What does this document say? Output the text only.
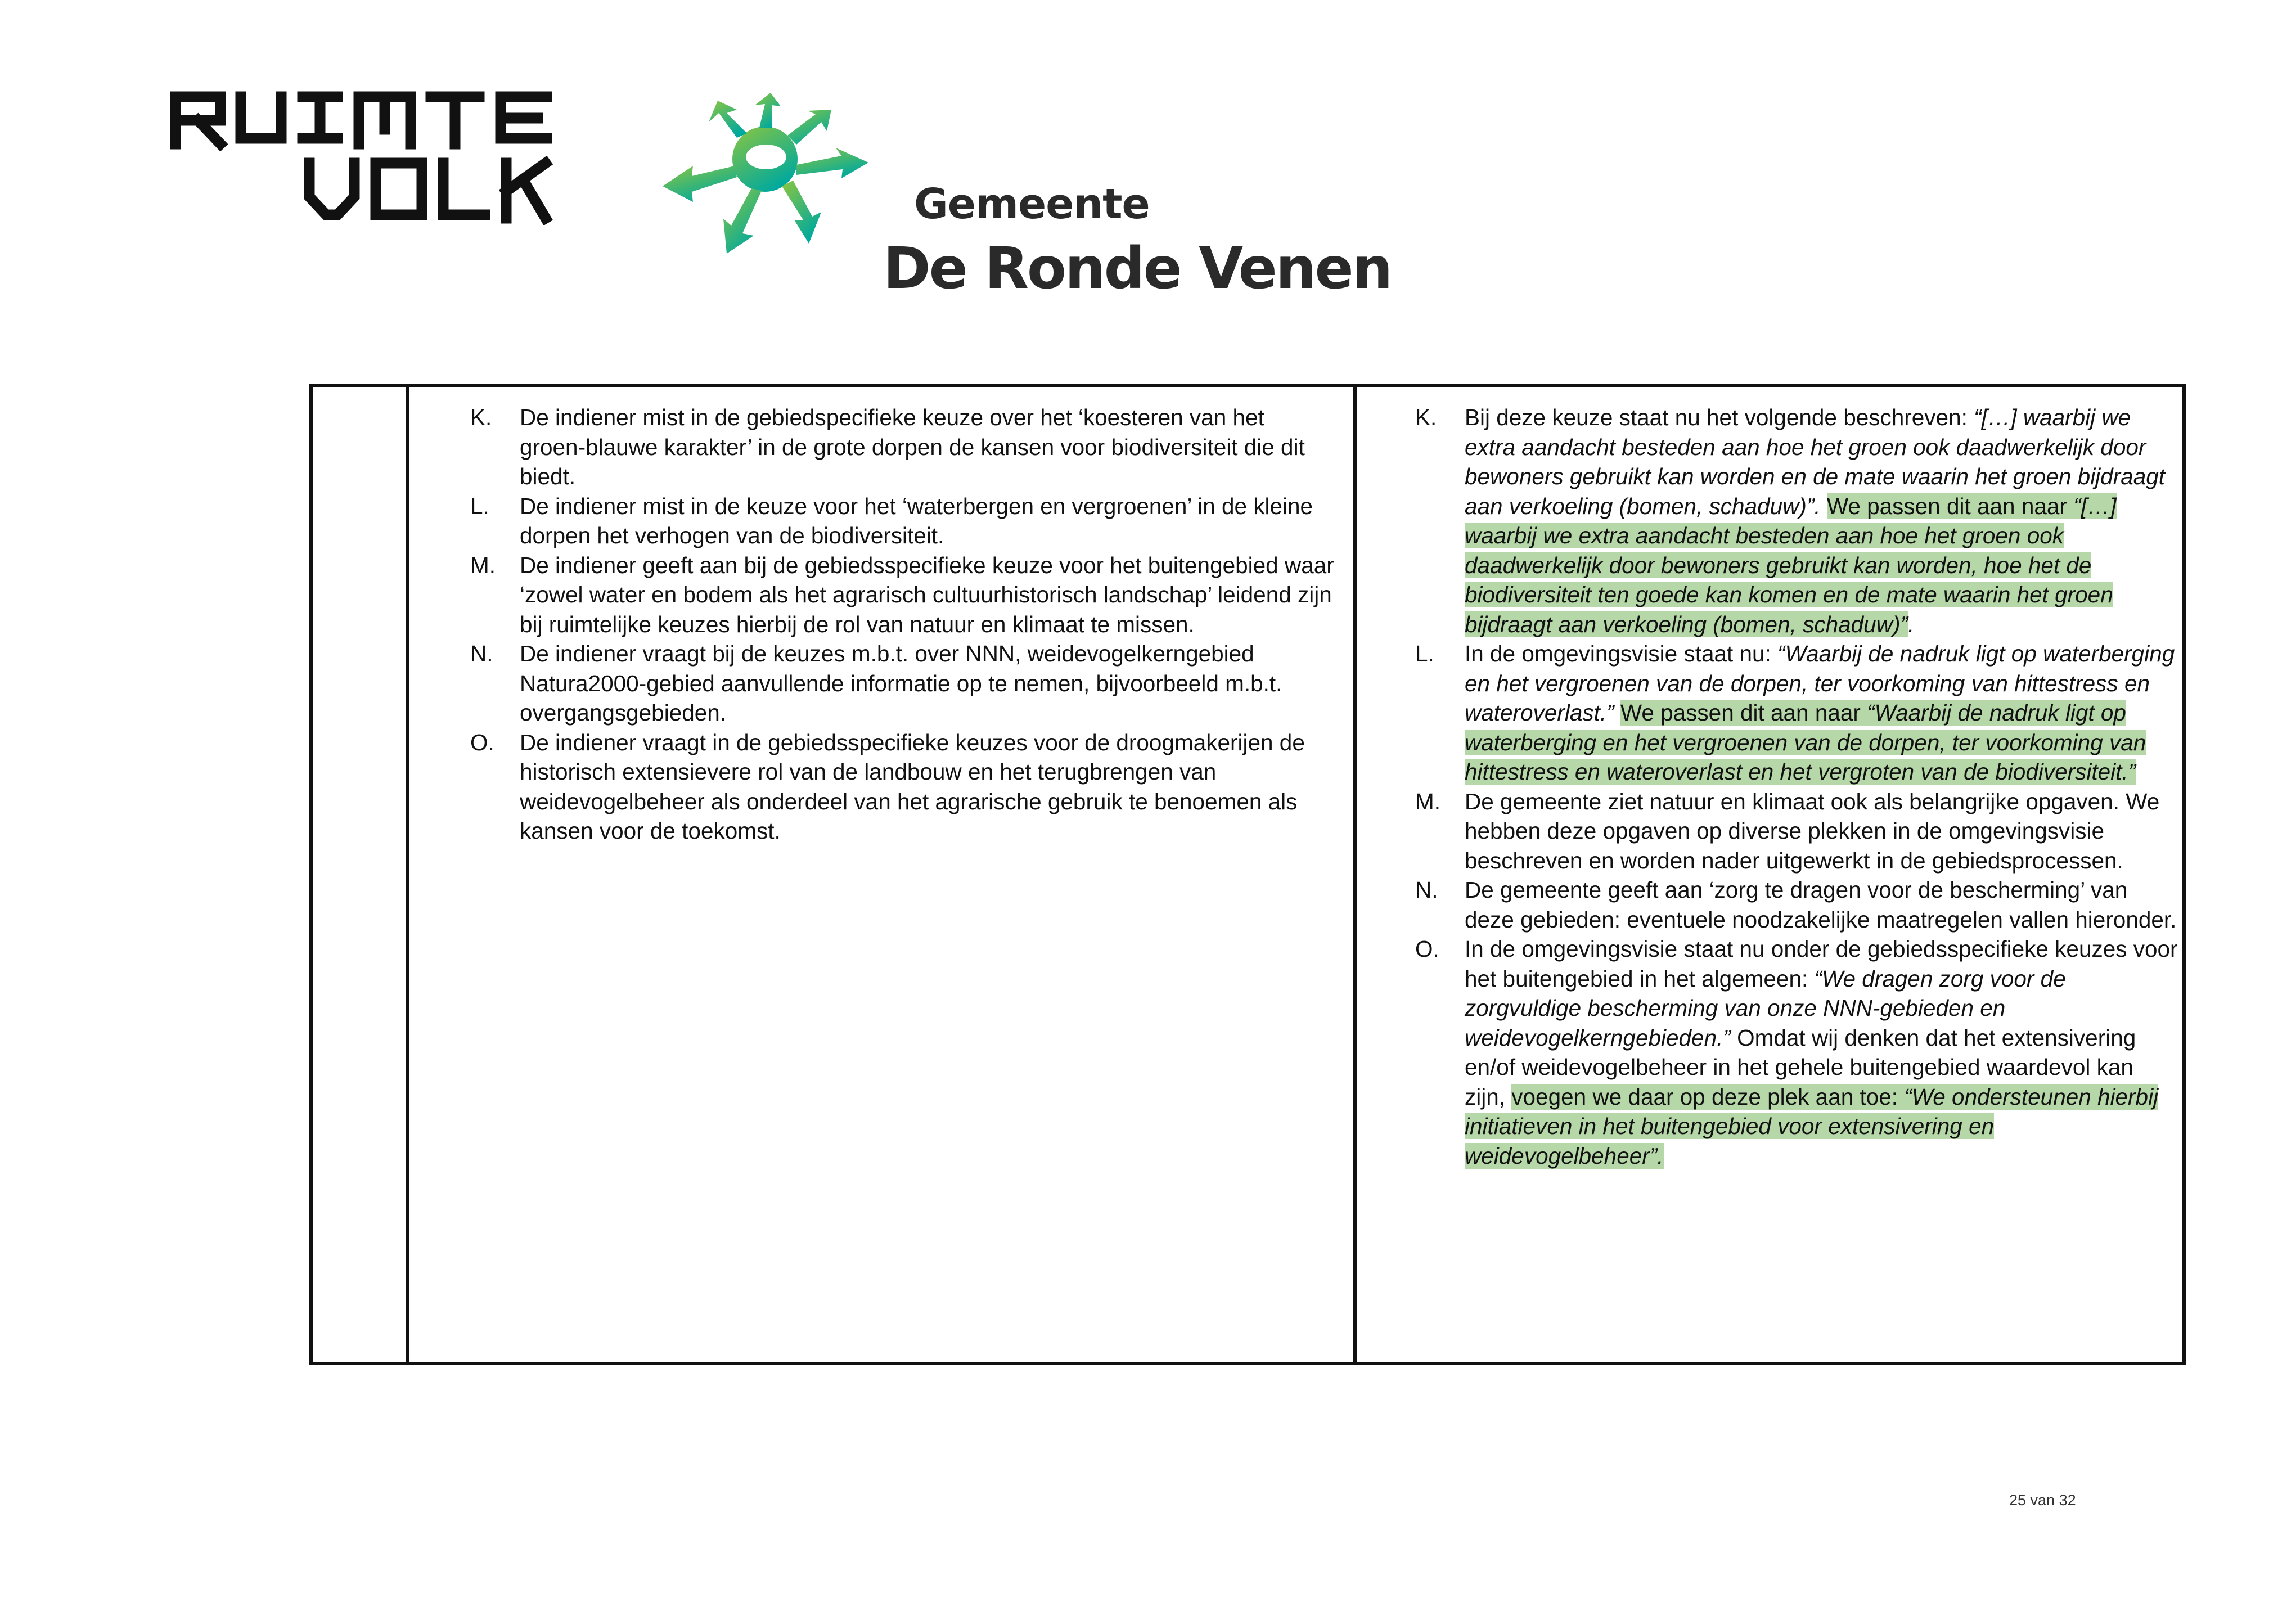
Gemeente
De Ronde Venen
K. De indiener mist in de gebiedspecifieke keuze over het ‘koesteren van het groen-blauwe karakter’ in de grote dorpen de kansen voor biodiversiteit die dit biedt.
L. De indiener mist in de keuze voor het ‘waterbergen en vergroenen’ in de kleine dorpen het verhogen van de biodiversiteit.
M. De indiener geeft aan bij de gebiedsspecifieke keuze voor het buitengebied waar ‘zowel water en bodem als het agrarisch cultuurhistorisch landschap’ leidend zijn bij ruimtelijke keuzes hierbij de rol van natuur en klimaat te missen.
N. De indiener vraagt bij de keuzes m.b.t. over NNN, weidevogelkerngebied Natura2000-gebied aanvullende informatie op te nemen, bijvoorbeeld m.b.t. overgangsgebieden.
O. De indiener vraagt in de gebiedsspecifieke keuzes voor de droogmakerijen de historisch extensievere rol van de landbouw en het terugbrengen van weidevogelbeheer als onderdeel van het agrarische gebruik te benoemen als kansen voor de toekomst.
K. Bij deze keuze staat nu het volgende beschreven: “[…] waarbij we extra aandacht besteden aan hoe het groen ook daadwerkelijk door bewoners gebruikt kan worden en de mate waarin het groen bijdraagt aan verkoeling (bomen, schaduw)”. We passen dit aan naar “[…] waarbij we extra aandacht besteden aan hoe het groen ook daadwerkelijk door bewoners gebruikt kan worden, hoe het de biodiversiteit ten goede kan komen en de mate waarin het groen bijdraagt aan verkoeling (bomen, schaduw)”.
L. In de omgevingsvisie staat nu: “Waarbij de nadruk ligt op waterberging en het vergroenen van de dorpen, ter voorkoming van hittestress en wateroverlast.” We passen dit aan naar “Waarbij de nadruk ligt op waterberging en het vergroenen van de dorpen, ter voorkoming van hittestress en wateroverlast en het vergroten van de biodiversiteit.”
M. De gemeente ziet natuur en klimaat ook als belangrijke opgaven. We hebben deze opgaven op diverse plekken in de omgevingsvisie beschreven en worden nader uitgewerkt in de gebiedsprocessen.
N. De gemeente geeft aan ‘zorg te dragen voor de bescherming’ van deze gebieden: eventuele noodzakelijke maatregelen vallen hieronder.
O. In de omgevingsvisie staat nu onder de gebiedsspecifieke keuzes voor het buitengebied in het algemeen: “We dragen zorg voor de zorgvuldige bescherming van onze NNN-gebieden en weidevogelkerngebieden.” Omdat wij denken dat het extensivering en/of weidevogelbeheer in het gehele buitengebied waardevol kan zijn, voegen we daar op deze plek aan toe: “We ondersteunen hierbij initiatieven in het buitengebied voor extensivering en weidevogelbeheer”.
25 van 32
